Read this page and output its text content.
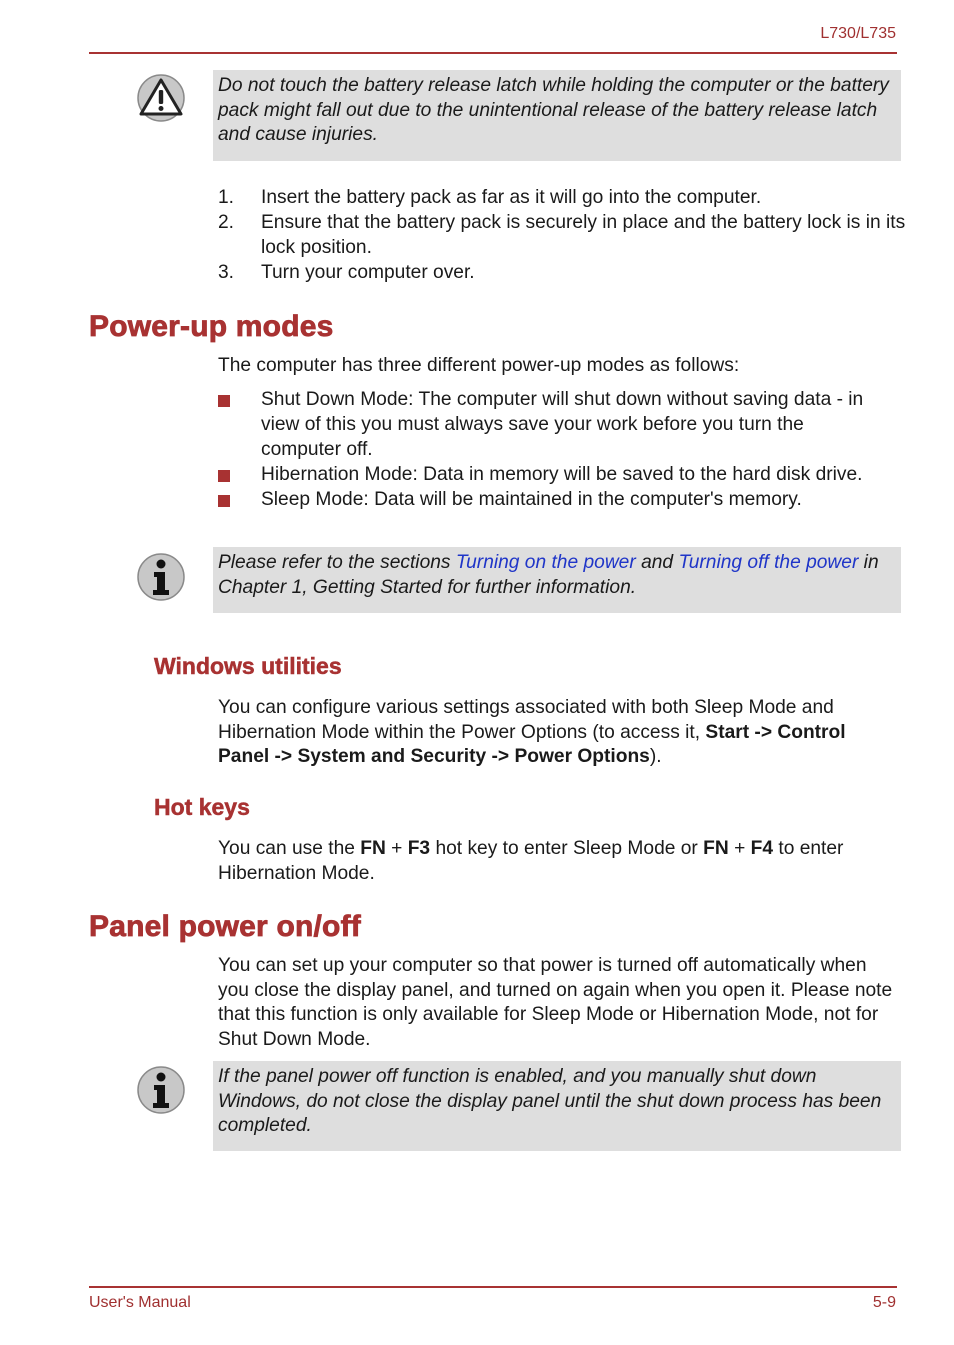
L730/L735
Do not touch the battery release latch while holding the computer or the battery pack might fall out due to the unintentional release of the battery release latch and cause injuries.
1. Insert the battery pack as far as it will go into the computer.
2. Ensure that the battery pack is securely in place and the battery lock is in its lock position.
3. Turn your computer over.
Power-up modes
The computer has three different power-up modes as follows:
Shut Down Mode: The computer will shut down without saving data - in view of this you must always save your work before you turn the computer off.
Hibernation Mode: Data in memory will be saved to the hard disk drive.
Sleep Mode: Data will be maintained in the computer's memory.
Please refer to the sections Turning on the power and Turning off the power in Chapter 1, Getting Started for further information.
Windows utilities
You can configure various settings associated with both Sleep Mode and Hibernation Mode within the Power Options (to access it, Start -> Control Panel -> System and Security -> Power Options).
Hot keys
You can use the FN + F3 hot key to enter Sleep Mode or FN + F4 to enter Hibernation Mode.
Panel power on/off
You can set up your computer so that power is turned off automatically when you close the display panel, and turned on again when you open it. Please note that this function is only available for Sleep Mode or Hibernation Mode, not for Shut Down Mode.
If the panel power off function is enabled, and you manually shut down Windows, do not close the display panel until the shut down process has been completed.
User's Manual	5-9
